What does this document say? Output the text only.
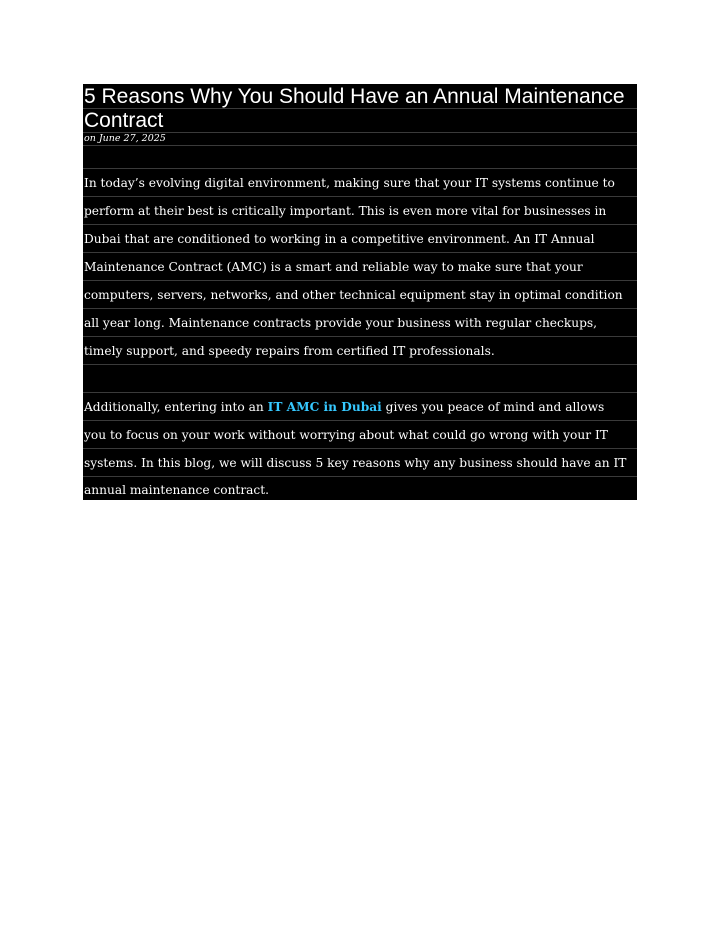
5 Reasons Why You Should Have an Annual Maintenance
Contract
on June 27, 2025
In today’s evolving digital environment, making sure that your IT systems continue to
perform at their best is critically important. This is even more vital for businesses in
Dubai that are conditioned to working in a competitive environment. An IT Annual
Maintenance Contract (AMC) is a smart and reliable way to make sure that your
computers, servers, networks, and other technical equipment stay in optimal condition
all year long. Maintenance contracts provide your business with regular checkups,
timely support, and speedy repairs from certified IT professionals.
Additionally, entering into an IT AMC in Dubai gives you peace of mind and allows
you to focus on your work without worrying about what could go wrong with your IT
systems. In this blog, we will discuss 5 key reasons why any business should have an IT
annual maintenance contract.
